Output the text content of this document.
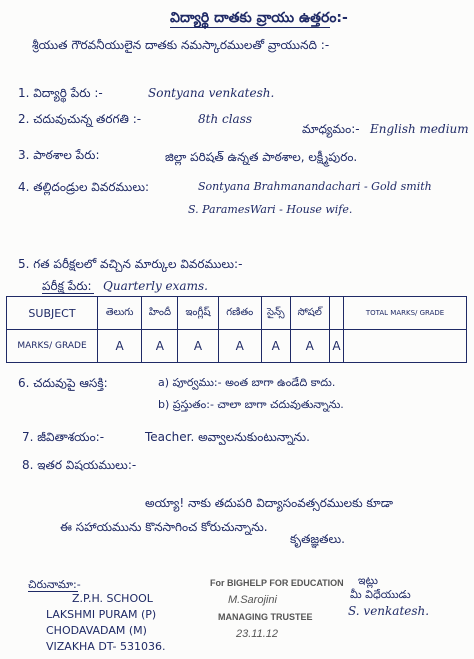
విద్యార్థి దాతకు వ్రాయు ఉత్తరం:-
శ్రీయుత గౌరవనీయులైన దాతకు నమస్కారములతో వ్రాయునది :-
1. విద్యార్థి పేరు :-	Sontyana venkatesh.
2. చదువుచున్న తరగతి :-	8th class
మాధ్యమం:- English medium
3. పాఠశాల పేరు:	జిల్లా పరిషత్ ఉన్నత పాఠశాల, లక్ష్మీపురం.
4. తల్లిదండ్రుల వివరములు:	Sontyana Brahmanandachari - Gold smith
S. ParamesWari - House wife.
5. గత పరీక్షలలో వచ్చిన మార్కుల వివరములు:-
పరీక్ష పేరు: Quarterly exams.
SUBJECT	తెలుగు	హిందీ	ఇంగ్లీష్	గణితం	సైన్స్	సోషల్		TOTAL MARKS/ GRADE
MARKS/ GRADE	A	A	A	A	A	A	A	
6. చదువుపై ఆసక్తి:	a) పూర్వము:- అంత బాగా ఉండేది కాదు.
b) ప్రస్తుతం:- చాలా బాగా చదువుతున్నాను.
7. జీవితాశయం:-	Teacher. అవ్వాలనుకుంటున్నాను.
8. ఇతర విషయములు:-
అయ్యా! నాకు తదుపరి విద్యాసంవత్సరములకు కూడా
ఈ సహాయమును కొనసాగించ కోరుచున్నాను.
కృతజ్ఞతలు.
చిరునామా:-
Z.P.H. SCHOOL
LAKSHMI PURAM (P)
CHODAVADAM (M)
VIZAKHA DT- 531036.
For BIGHELP FOR EDUCATION
M.Sarojini
MANAGING TRUSTEE
23.11.12
ఇట్లు
మీ విధేయుడు
S. venkatesh.
